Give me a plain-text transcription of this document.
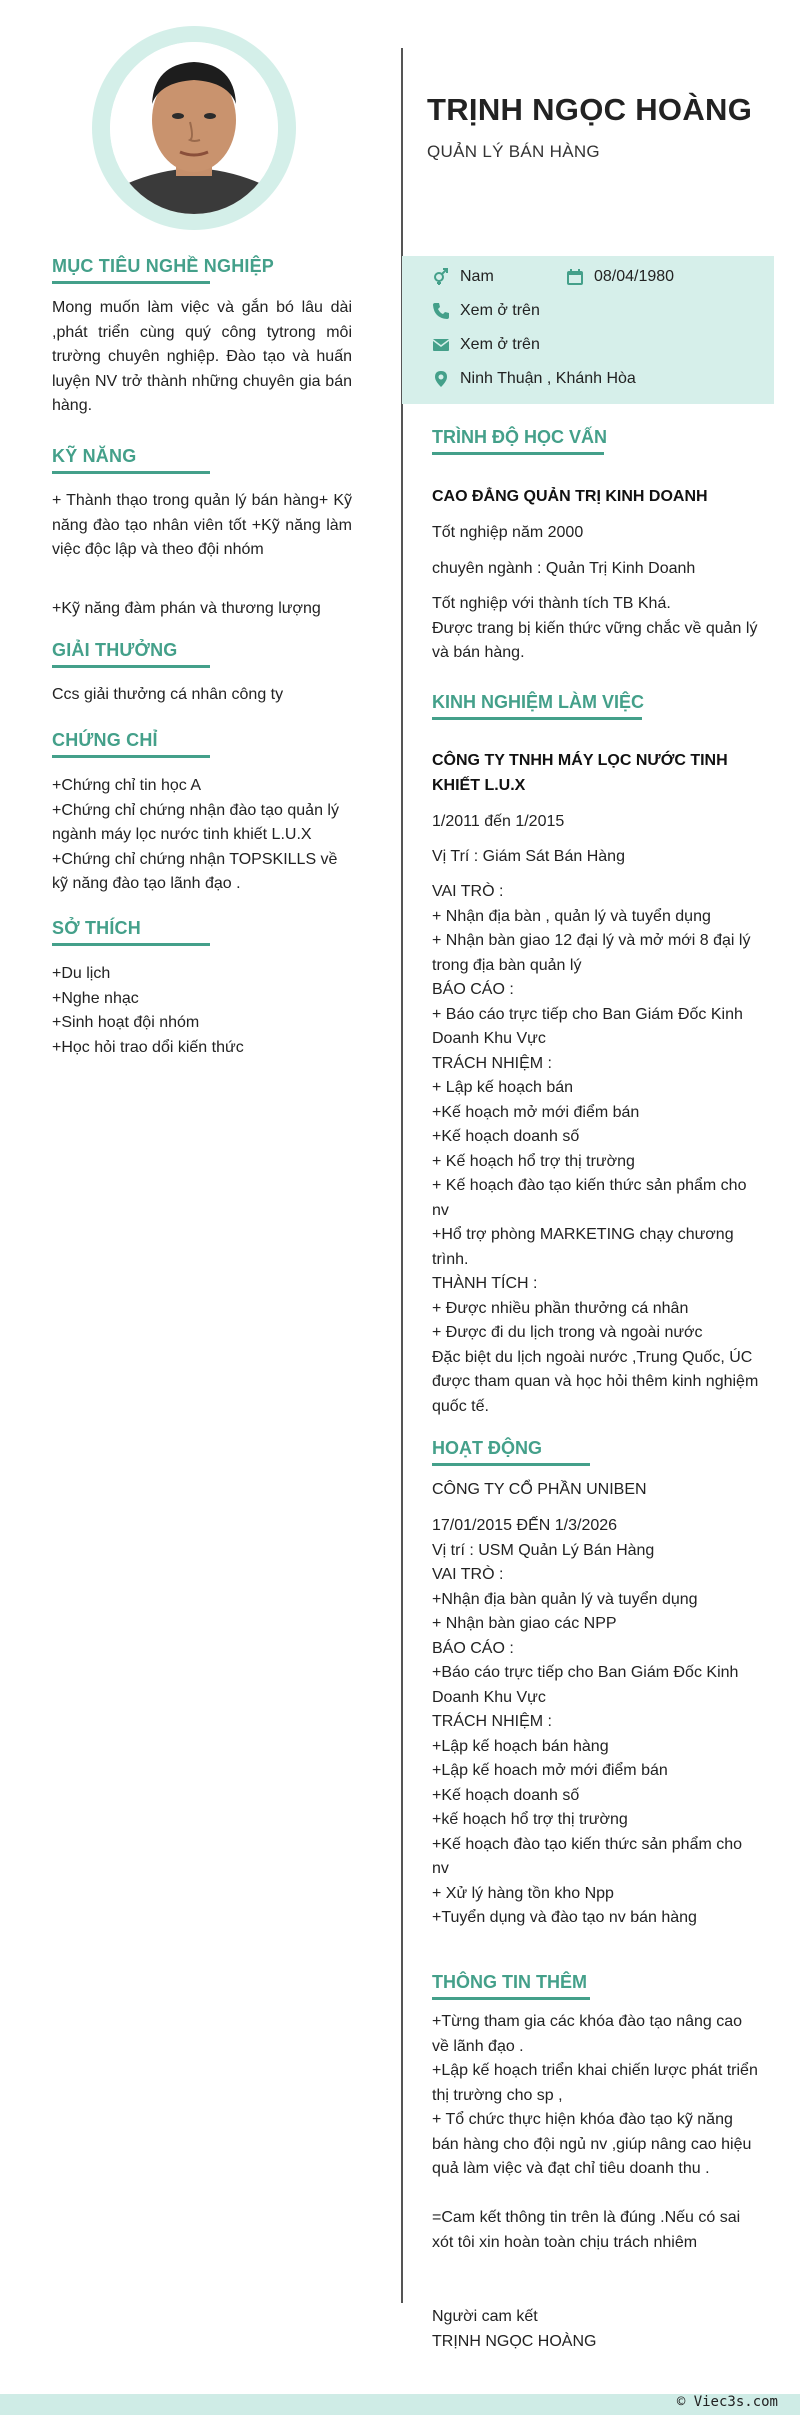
MỤC TIÊU NGHỀ NGHIỆP
Mong muốn làm việc và gắn bó lâu dài ,phát triển cùng quý công tytrong môi trường chuyên nghiệp. Đào tạo và huấn luyện NV trở thành những chuyên gia bán hàng.
KỸ NĂNG
+ Thành thạo trong quản lý bán hàng+ Kỹ năng đào tạo nhân viên tốt +Kỹ năng làm việc độc lập và theo đội nhóm
+Kỹ năng đàm phán và thương lượng
GIẢI THƯỞNG
Ccs giải thưởng cá nhân công ty
CHỨNG CHỈ
+Chứng chỉ tin học A
+Chứng chỉ chứng nhận đào tạo quản lý ngành máy lọc nước tinh khiết L.U.X
+Chứng chỉ chứng nhận TOPSKILLS về kỹ năng đào tạo lãnh đạo .
SỞ THÍCH
+Du lịch
+Nghe nhạc
+Sinh hoạt đội nhóm
+Học hỏi trao dổi kiến thức
TRỊNH NGỌC HOÀNG
QUẢN LÝ BÁN HÀNG
Nam	08/04/1980
Xem ở trên
Xem ở trên
Ninh Thuận , Khánh Hòa
TRÌNH ĐỘ HỌC VẤN
CAO ĐẲNG QUẢN TRỊ KINH DOANH
Tốt nghiệp năm 2000
chuyên ngành : Quản Trị Kinh Doanh
Tốt nghiệp với thành tích TB Khá.
Được trang bị kiến thức vững chắc về quản lý và bán hàng.
KINH NGHIỆM LÀM VIỆC
CÔNG TY TNHH MÁY LỌC NƯỚC TINH KHIẾT L.U.X
1/2011 đến 1/2015
Vị Trí : Giám Sát Bán Hàng
VAI TRÒ :
+ Nhận địa bàn , quản lý và tuyển dụng
+ Nhận bàn giao 12 đại lý và mở mới 8 đại lý trong địa bàn quản lý
BÁO CÁO :
+ Báo cáo trực tiếp cho Ban Giám Đốc Kinh Doanh Khu Vực
TRÁCH NHIỆM :
+ Lập kế hoạch bán
+Kế hoạch mở mới điểm bán
+Kế hoạch doanh số
+ Kế hoạch hổ trợ thị trường
+ Kế hoạch đào tạo kiến thức sản phẩm cho nv
+Hổ trợ phòng MARKETING chạy chương trình.
THÀNH TÍCH :
+ Được nhiều phần thưởng cá nhân
+ Được đi du lịch trong và ngoài nước
Đặc biệt du lịch ngoài nước ,Trung Quốc, ÚC được tham quan và học hỏi thêm kinh nghiệm quốc tế.
HOẠT ĐỘNG
CÔNG TY CỔ PHẦN UNIBEN
17/01/2015 ĐẾN 1/3/2026
Vị trí : USM Quản Lý Bán Hàng
VAI TRÒ :
+Nhận địa bàn quản lý và tuyển dụng
+ Nhận bàn giao các NPP
BÁO CÁO :
+Báo cáo trực tiếp cho Ban Giám Đốc Kinh Doanh Khu Vực
TRÁCH NHIỆM :
+Lập kế hoạch bán hàng
+Lập kế hoach mở mới điểm bán
+Kế hoạch doanh số
+kế hoạch hổ trợ thị trường
+Kế hoạch đào tạo kiến thức sản phẩm cho nv
+ Xử lý hàng tồn kho Npp
+Tuyển dụng và đào tạo nv bán hàng
THÔNG TIN THÊM
+Từng tham gia các khóa đào tạo nâng cao về lãnh đạo .
+Lập kế hoạch triển khai chiến lược phát triển thị trường cho sp ,
+ Tổ chức thực hiện khóa đào tạo kỹ năng bán hàng cho đội ngủ nv ,giúp nâng cao hiệu quả làm việc và đạt chỉ tiêu doanh thu .

=Cam kết thông tin trên là đúng .Nếu có sai xót tôi xin hoàn toàn chịu trách nhiêm
Người cam kết
TRỊNH NGỌC HOÀNG
© Viec3s.com
